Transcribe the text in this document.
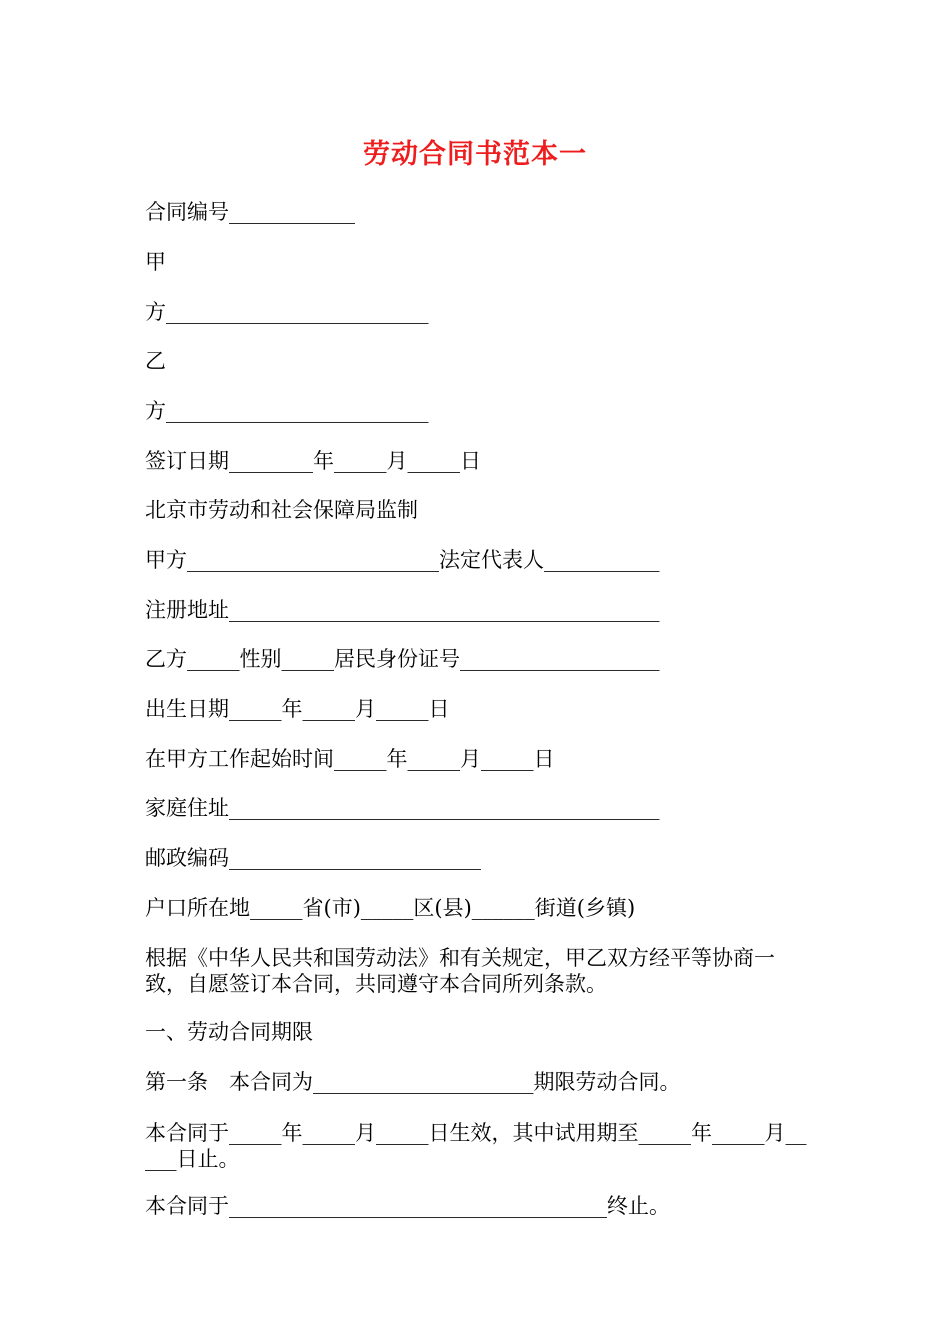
劳动合同书范本一
合同编号____________
甲
方_________________________
乙
方_________________________
签订日期________年_____月_____日
北京市劳动和社会保障局监制
甲方________________________法定代表人___________
注册地址_________________________________________
乙方_____性别_____居民身份证号___________________
出生日期_____年_____月_____日
在甲方工作起始时间_____年_____月_____日
家庭住址_________________________________________
邮政编码________________________
户口所在地_____省(市)_____区(县)______街道(乡镇)
根据《中华人民共和国劳动法》和有关规定，甲乙双方经平等协商一致，自愿签订本合同，共同遵守本合同所列条款。
一、劳动合同期限
第一条　本合同为_____________________期限劳动合同。
本合同于_____年_____月_____日生效，其中试用期至_____年_____月_____日止。
本合同于____________________________________终止。
